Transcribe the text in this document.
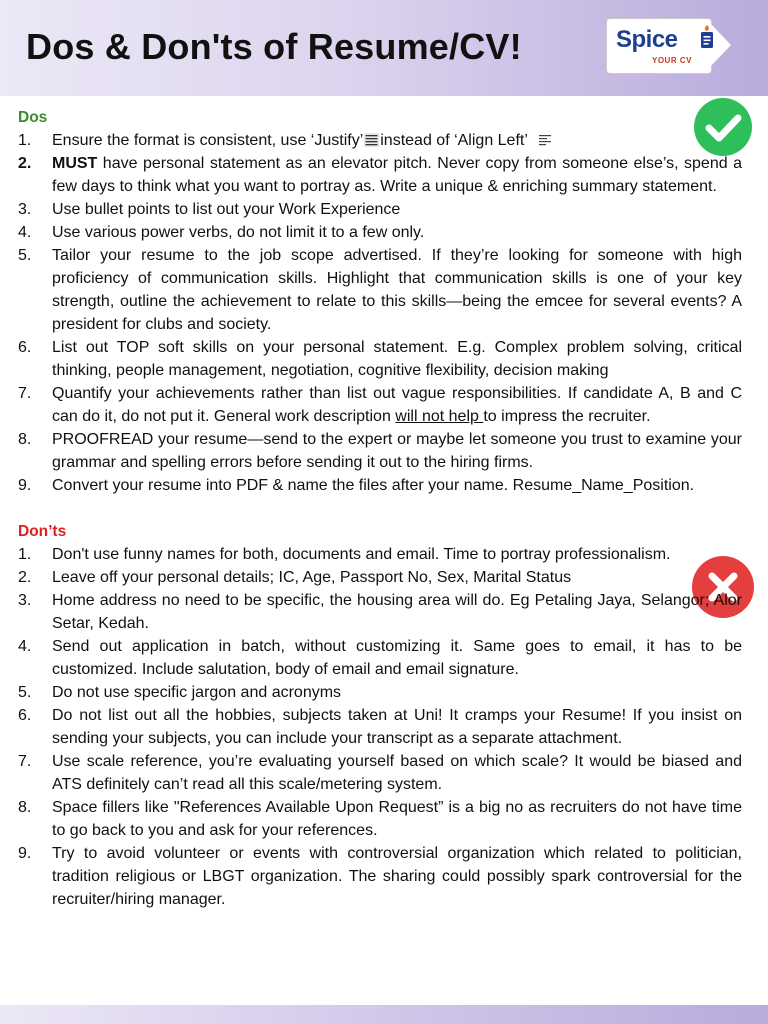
Dos & Don'ts of Resume/CV!	Spice
YOUR CV
Dos
1.	Ensure the format is consistent, use ‘Justify’ instead of ‘Align Left’
2.	MUST have personal statement as an elevator pitch. Never copy from someone else’s, spend a few days to think what you want to portray as. Write a unique & enriching summary statement.
3.	Use bullet points to list out your Work Experience
4.	Use various power verbs, do not limit it to a few only.
5.	Tailor your resume to the job scope advertised. If they’re looking for someone with high proficiency of communication skills. Highlight that communication skills is one of your key strength, outline the achievement to relate to this skills—being the emcee for several events? A president for clubs and society.
6.	List out TOP soft skills on your personal statement. E.g. Complex problem solving, critical thinking, people management, negotiation, cognitive flexibility, decision making
7.	Quantify your achievements rather than list out vague responsibilities. If candidate A, B and C can do it, do not put it. General work description will not help to impress the recruiter.
8.	PROOFREAD your resume—send to the expert or maybe let someone you trust to examine your grammar and spelling errors before sending it out to the hiring firms.
9.	Convert your resume into PDF & name the files after your name. Resume_Name_Position.
Don’ts
1.	Don't use funny names for both, documents and email. Time to portray professionalism.
2.	Leave off your personal details; IC, Age, Passport No, Sex, Marital Status
3.	Home address no need to be specific, the housing area will do. Eg Petaling Jaya, Selangor; Alor Setar, Kedah.
4.	Send out application in batch, without customizing it. Same goes to email, it has to be customized. Include salutation, body of email and email signature.
5.	Do not use specific jargon and acronyms
6.	Do not list out all the hobbies, subjects taken at Uni! It cramps your Resume! If you insist on sending your subjects, you can include your transcript as a separate attachment.
7.	Use scale reference, you’re evaluating yourself based on which scale? It would be biased and ATS definitely can’t read all this scale/metering system.
8.	Space fillers like "References Available Upon Request” is a big no as recruiters do not have time to go back to you and ask for your references.
9.	Try to avoid volunteer or events with controversial organization which related to politician, tradition religious or LBGT organization. The sharing could possibly spark controversial for the recruiter/hiring manager.
